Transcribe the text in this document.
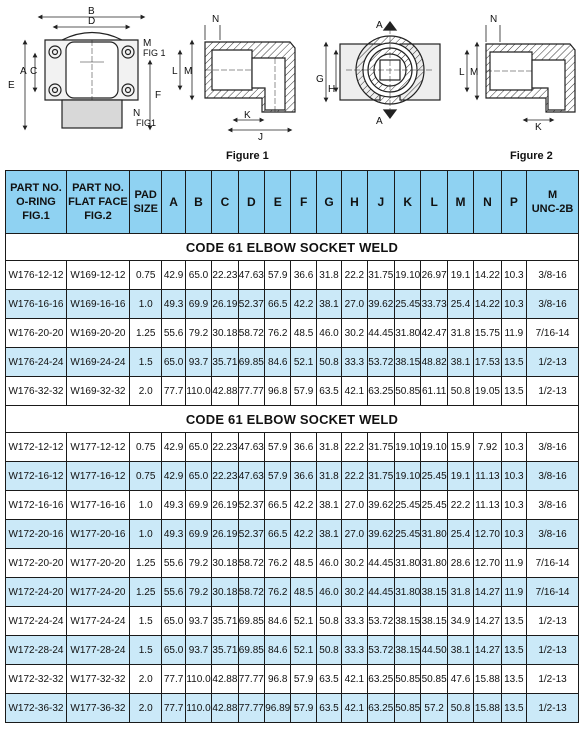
B
D
A C
E
F
M
FIG 1
N
FIG1
N
L M
K
J
A
A
G
H
N
L M
K
Figure 1	Figure 2
PART NO.
O-RING
FIG.1	PART NO.
FLAT FACE
FIG.2	PAD
SIZE	A	B	C	D	E	F	G	H	J	K	L	M	N	P	M
UNC-2B
CODE 61 ELBOW SOCKET WELD																	
W176-12-12	W169-12-12	0.75	42.9	65.0	22.23	47.63	57.9	36.6	31.8	22.2	31.75	19.10	26.97	19.1	14.22	10.3	3/8-16
W176-16-16	W169-16-16	1.0	49.3	69.9	26.19	52.37	66.5	42.2	38.1	27.0	39.62	25.45	33.73	25.4	14.22	10.3	3/8-16
W176-20-20	W169-20-20	1.25	55.6	79.2	30.18	58.72	76.2	48.5	46.0	30.2	44.45	31.80	42.47	31.8	15.75	11.9	7/16-14
W176-24-24	W169-24-24	1.5	65.0	93.7	35.71	69.85	84.6	52.1	50.8	33.3	53.72	38.15	48.82	38.1	17.53	13.5	1/2-13
W176-32-32	W169-32-32	2.0	77.7	110.0	42.88	77.77	96.8	57.9	63.5	42.1	63.25	50.85	61.11	50.8	19.05	13.5	1/2-13
CODE 61 ELBOW SOCKET WELD																	
W172-12-12	W177-12-12	0.75	42.9	65.0	22.23	47.63	57.9	36.6	31.8	22.2	31.75	19.10	19.10	15.9	7.92	10.3	3/8-16
W172-16-12	W177-16-12	0.75	42.9	65.0	22.23	47.63	57.9	36.6	31.8	22.2	31.75	19.10	25.45	19.1	11.13	10.3	3/8-16
W172-16-16	W177-16-16	1.0	49.3	69.9	26.19	52.37	66.5	42.2	38.1	27.0	39.62	25.45	25.45	22.2	11.13	10.3	3/8-16
W172-20-16	W177-20-16	1.0	49.3	69.9	26.19	52.37	66.5	42.2	38.1	27.0	39.62	25.45	31.80	25.4	12.70	10.3	3/8-16
W172-20-20	W177-20-20	1.25	55.6	79.2	30.18	58.72	76.2	48.5	46.0	30.2	44.45	31.80	31.80	28.6	12.70	11.9	7/16-14
W172-24-20	W177-24-20	1.25	55.6	79.2	30.18	58.72	76.2	48.5	46.0	30.2	44.45	31.80	38.15	31.8	14.27	11.9	7/16-14
W172-24-24	W177-24-24	1.5	65.0	93.7	35.71	69.85	84.6	52.1	50.8	33.3	53.72	38.15	38.15	34.9	14.27	13.5	1/2-13
W172-28-24	W177-28-24	1.5	65.0	93.7	35.71	69.85	84.6	52.1	50.8	33.3	53.72	38.15	44.50	38.1	14.27	13.5	1/2-13
W172-32-32	W177-32-32	2.0	77.7	110.0	42.88	77.77	96.8	57.9	63.5	42.1	63.25	50.85	50.85	47.6	15.88	13.5	1/2-13
W172-36-32	W177-36-32	2.0	77.7	110.0	42.88	77.77	96.89	57.9	63.5	42.1	63.25	50.85	57.2	50.8	15.88	13.5	1/2-13
